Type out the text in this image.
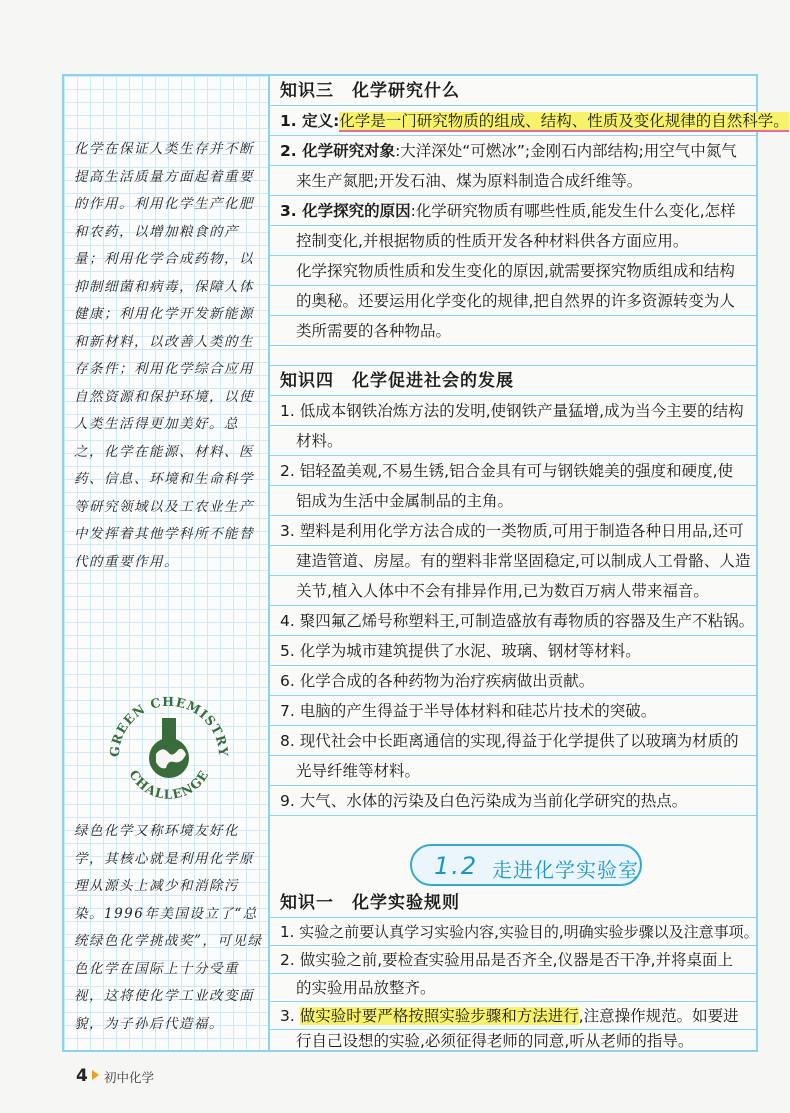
化学在保证人类生存并不断提高生活质量方面起着重要的作用。利用化学生产化肥和农药，以增加粮食的产量；利用化学合成药物，以抑制细菌和病毒，保障人体健康；利用化学开发新能源和新材料，以改善人类的生存条件；利用化学综合应用自然资源和保护环境，以使人类生活得更加美好。总之，化学在能源、材料、医药、信息、环境和生命科学等研究领域以及工农业生产中发挥着其他学科所不能替代的重要作用。
GREEN CHEMISTRY
CHALLENGE
绿色化学又称环境友好化学，其核心就是利用化学原理从源头上减少和消除污染。1996年美国设立了“总统绿色化学挑战奖”，可见绿色化学在国际上十分受重视，这将使化学工业改变面貌，为子孙后代造福。
知识三　化学研究什么
1. 定义:化学是一门研究物质的组成、结构、性质及变化规律的自然科学。
2. 化学研究对象:大洋深处“可燃冰”;金刚石内部结构;用空气中氮气
来生产氮肥;开发石油、煤为原料制造合成纤维等。
3. 化学探究的原因:化学研究物质有哪些性质,能发生什么变化,怎样
控制变化,并根据物质的性质开发各种材料供各方面应用。
化学探究物质性质和发生变化的原因,就需要探究物质组成和结构
的奥秘。还要运用化学变化的规律,把自然界的许多资源转变为人
类所需要的各种物品。
知识四　化学促进社会的发展
1. 低成本钢铁冶炼方法的发明,使钢铁产量猛增,成为当今主要的结构
材料。
2. 铝轻盈美观,不易生锈,铝合金具有可与钢铁媲美的强度和硬度,使
铝成为生活中金属制品的主角。
3. 塑料是利用化学方法合成的一类物质,可用于制造各种日用品,还可
建造管道、房屋。有的塑料非常坚固稳定,可以制成人工骨骼、人造
关节,植入人体中不会有排异作用,已为数百万病人带来福音。
4. 聚四氟乙烯号称塑料王,可制造盛放有毒物质的容器及生产不粘锅。
5. 化学为城市建筑提供了水泥、玻璃、钢材等材料。
6. 化学合成的各种药物为治疗疾病做出贡献。
7. 电脑的产生得益于半导体材料和硅芯片技术的突破。
8. 现代社会中长距离通信的实现,得益于化学提供了以玻璃为材质的
光导纤维等材料。
9. 大气、水体的污染及白色污染成为当前化学研究的热点。
1.2 走进化学实验室
知识一　化学实验规则
1. 实验之前要认真学习实验内容,实验目的,明确实验步骤以及注意事项。
2. 做实验之前,要检查实验用品是否齐全,仪器是否干净,并将桌面上
的实验用品放整齐。
3. 做实验时要严格按照实验步骤和方法进行,注意操作规范。如要进
行自己设想的实验,必须征得老师的同意,听从老师的指导。
4 初中化学
